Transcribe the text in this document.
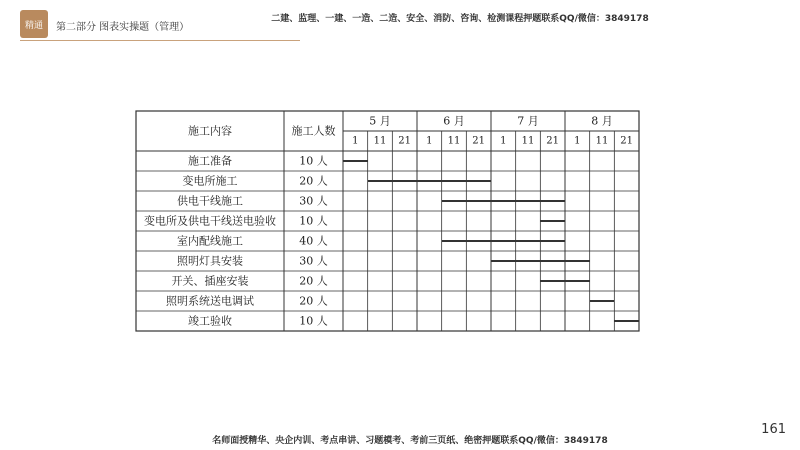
精通	第二部分 图表实操题（管理）
二建、监理、一建、一造、二造、安全、消防、咨询、检测课程押题联系QQ/微信：3849178
施工内容	施工人数
5 月
1 11 21
6 月
1 11 21
7 月
1 11 21
8 月
1 11 21
施工准备	10 人
变电所施工	20 人
供电干线施工	30 人
变电所及供电干线送电验收 10 人
室内配线施工	40 人
照明灯具安装	30 人
开关、插座安装	20 人
照明系统送电调试	20 人
竣工验收	10 人
名师面授精华、央企内训、考点串讲、习题模考、考前三页纸、绝密押题联系QQ/微信：3849178
161
